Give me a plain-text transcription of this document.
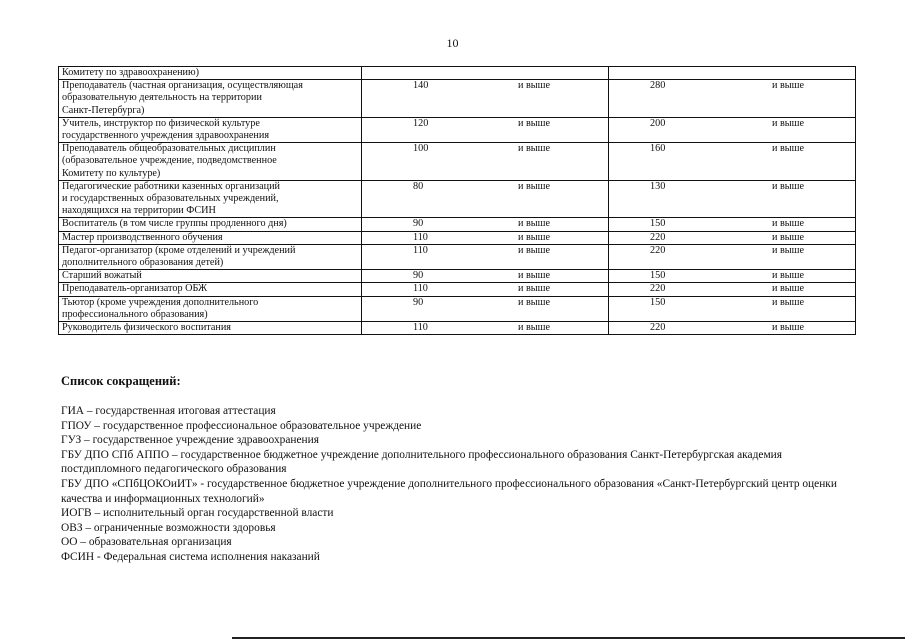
10
Комитету по здравоохранению)	

Преподаватель (частная организация, осуществляющая
образовательную деятельность на территории
Санкт-Петербурга)	140 и выше	280 и выше

Учитель, инструктор по физической культуре
государственного учреждения здравоохранения	120 и выше	200 и выше

Преподаватель общеобразовательных дисциплин
(образовательное учреждение, подведомственное
Комитету по культуре)	100 и выше	160 и выше

Педагогические работники казенных организаций
и государственных образовательных учреждений,
находящихся на территории ФСИН	80 и выше	130 и выше

Воспитатель (в том числе группы продленного дня)	90 и выше	150 и выше

Мастер производственного обучения	110 и выше	220 и выше

Педагог-организатор (кроме отделений и учреждений
дополнительного образования детей)	110 и выше	220 и выше

Старший вожатый	90 и выше	150 и выше

Преподаватель-организатор ОБЖ	110 и выше	220 и выше

Тьютор (кроме учреждения дополнительного
профессионального образования)	90 и выше	150 и выше

Руководитель физического воспитания	110 и выше	220 и выше
Список сокращений:

ГИА – государственная итоговая аттестация

ГПОУ – государственное профессиональное образовательное учреждение

ГУЗ – государственное учреждение здравоохранения

ГБУ ДПО СПб АППО – государственное бюджетное учреждение дополнительного профессионального образования Санкт-Петербургская академия постдипломного педагогического образования

ГБУ ДПО «СПбЦОКОиИТ» - государственное бюджетное учреждение дополнительного профессионального образования «Санкт-Петербургский центр оценки качества и информационных технологий»

ИОГВ – исполнительный орган государственной власти

ОВЗ – ограниченные возможности здоровья

ОО – образовательная организация

ФСИН - Федеральная система исполнения наказаний
